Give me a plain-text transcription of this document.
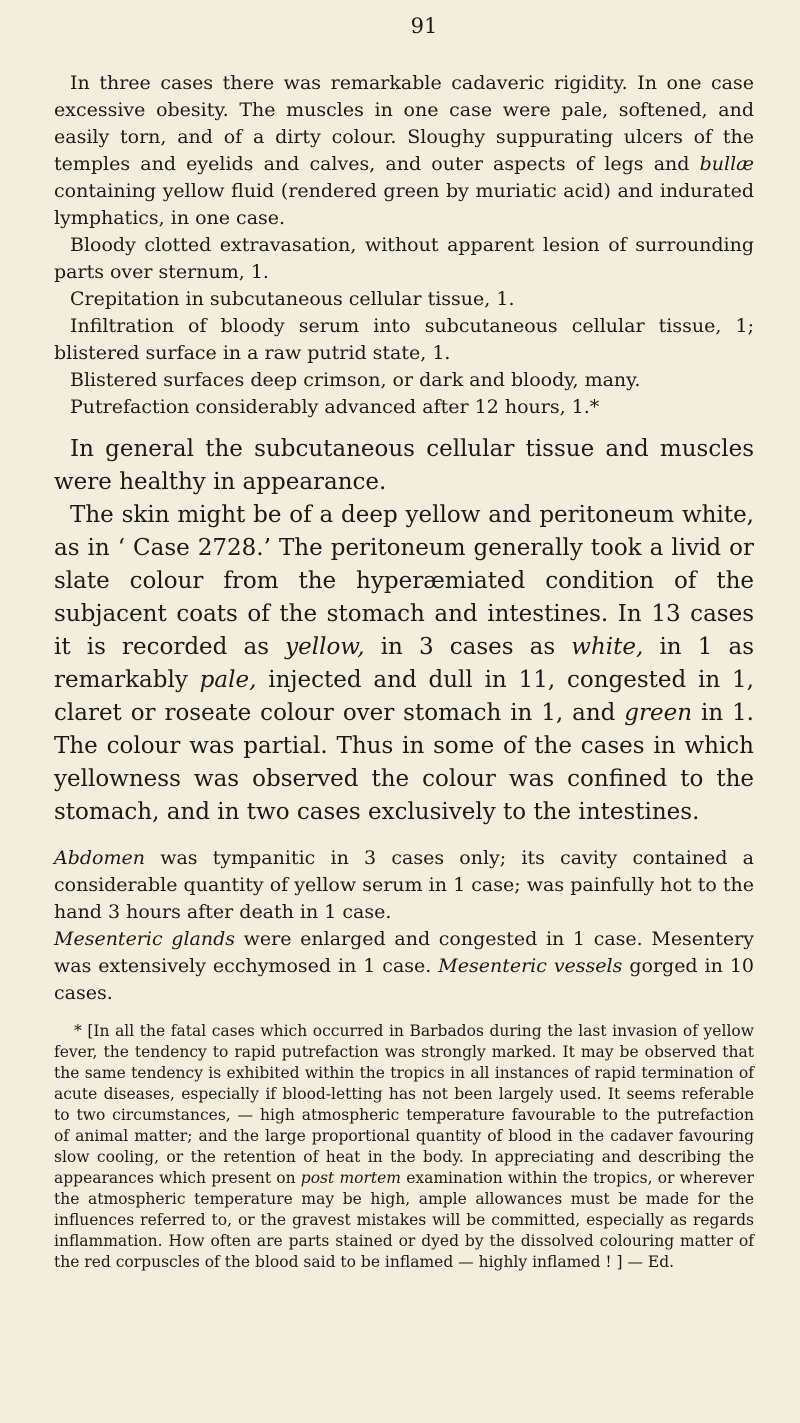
91

In three cases there was remarkable cadaveric rigidity. In one case excessive obesity. The muscles in one case were pale, softened, and easily torn, and of a dirty colour. Sloughy suppurating ulcers of the temples and eyelids and calves, and outer aspects of legs and bullæ containing yellow fluid (rendered green by muriatic acid) and indurated lymphatics, in one case.

Bloody clotted extravasation, without apparent lesion of surrounding parts over sternum, 1.

Crepitation in subcutaneous cellular tissue, 1.

Infiltration of bloody serum into subcutaneous cellular tissue, 1; blistered surface in a raw putrid state, 1.

Blistered surfaces deep crimson, or dark and bloody, many.

Putrefaction considerably advanced after 12 hours, 1.*

In general the subcutaneous cellular tissue and muscles were healthy in appearance.

The skin might be of a deep yellow and peritoneum white, as in ‘ Case 2728.’ The peritoneum generally took a livid or slate colour from the hyperæmiated condition of the subjacent coats of the stomach and intestines. In 13 cases it is recorded as yellow, in 3 cases as white, in 1 as remarkably pale, injected and dull in 11, congested in 1, claret or roseate colour over stomach in 1, and green in 1. The colour was partial. Thus in some of the cases in which yellowness was observed the colour was confined to the stomach, and in two cases exclusively to the intestines.

Abdomen was tympanitic in 3 cases only; its cavity contained a considerable quantity of yellow serum in 1 case; was painfully hot to the hand 3 hours after death in 1 case.

Mesenteric glands were enlarged and congested in 1 case. Mesentery was extensively ecchymosed in 1 case. Mesenteric vessels gorged in 10 cases.

* [In all the fatal cases which occurred in Barbados during the last invasion of yellow fever, the tendency to rapid putrefaction was strongly marked. It may be observed that the same tendency is exhibited within the tropics in all instances of rapid termination of acute diseases, especially if blood-letting has not been largely used. It seems referable to two circumstances, — high atmospheric temperature favourable to the putrefaction of animal matter; and the large proportional quantity of blood in the cadaver favouring slow cooling, or the retention of heat in the body. In appreciating and describing the appearances which present on post mortem examination within the tropics, or wherever the atmospheric temperature may be high, ample allowances must be made for the influences referred to, or the gravest mistakes will be committed, especially as regards inflammation. How often are parts stained or dyed by the dissolved colouring matter of the red corpuscles of the blood said to be inflamed — highly inflamed ! ] — Ed.
